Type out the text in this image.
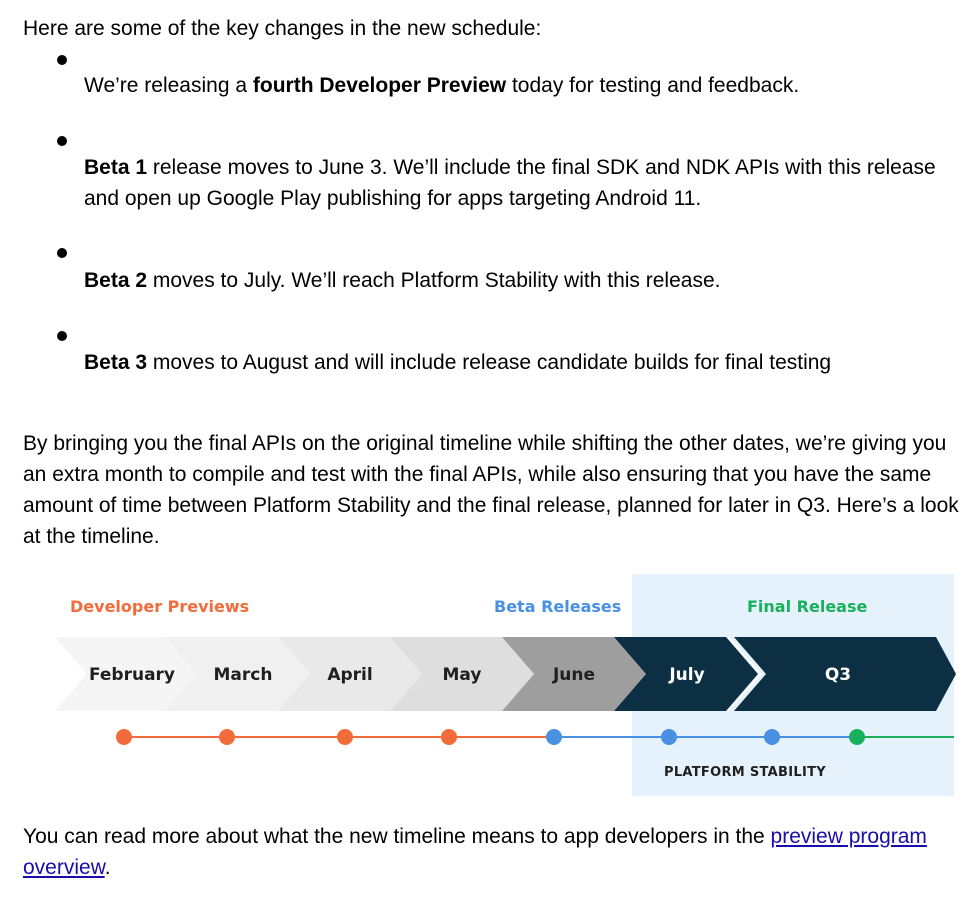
Here are some of the key changes in the new schedule:

We’re releasing a fourth Developer Preview today for testing and feedback.
Beta 1 release moves to June 3. We’ll include the final SDK and NDK APIs with this release and open up Google Play publishing for apps targeting Android 11.
Beta 2 moves to July. We’ll reach Platform Stability with this release.
Beta 3 moves to August and will include release candidate builds for final testing

By bringing you the final APIs on the original timeline while shifting the other dates, we’re giving you an extra month to compile and test with the final APIs, while also ensuring that you have the same amount of time between Platform Stability and the final release, planned for later in Q3. Here’s a look at the timeline.

Developer Previews	Beta Releases	Final Release
February March	April	May	June	July	Q3
PLATFORM STABILITY

You can read more about what the new timeline means to app developers in the preview program overview.
